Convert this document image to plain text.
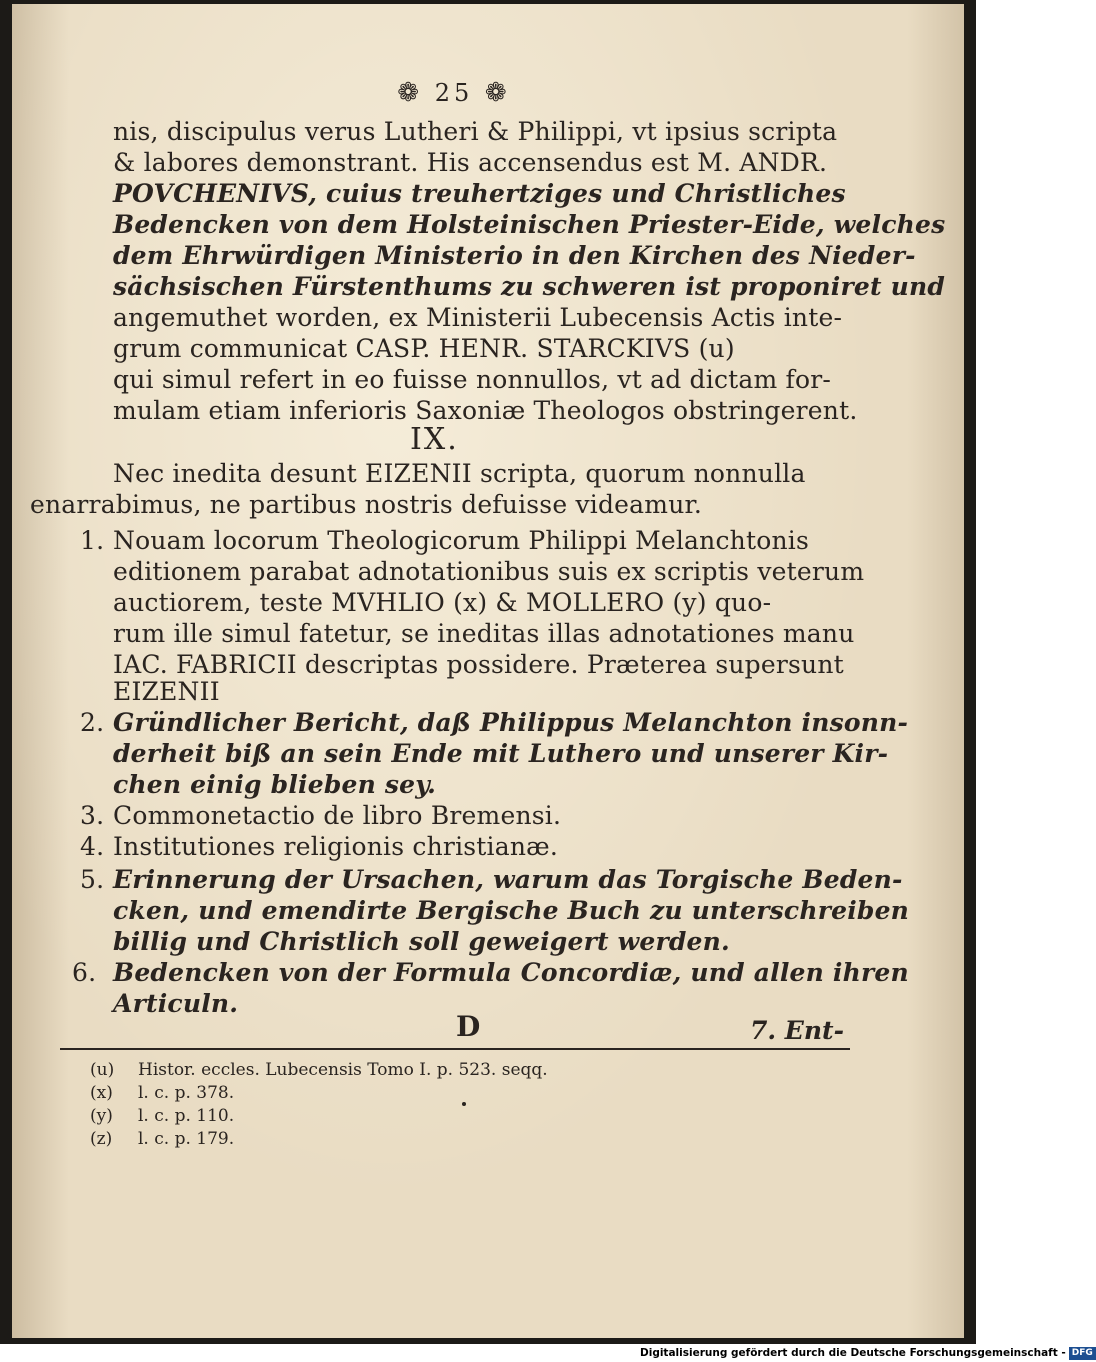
❁ 25 ❁
nis, discipulus verus Lutheri & Philippi, vt ipsius scripta
& labores demonstrant. His accensendus est M. ANDR.
POVCHENIVS, cuius treuhertziges und Christliches
Bedencken von dem Holsteinischen Priester-Eide, welches
dem Ehrwürdigen Ministerio in den Kirchen des Nieder-
sächsischen Fürstenthums zu schweren ist proponiret und
angemuthet worden, ex Ministerii Lubecensis Actis inte-
grum communicat CASP. HENR. STARCKIVS (u)
qui simul refert in eo fuisse nonnullos, vt ad dictam for-
mulam etiam inferioris Saxoniæ Theologos obstringerent.
IX.
Nec inedita desunt EIZENII scripta, quorum nonnulla
enarrabimus, ne partibus nostris defuisse videamur.
1. Nouam locorum Theologicorum Philippi Melanchtonis
editionem parabat adnotationibus suis ex scriptis veterum
auctiorem, teste MVHLIO (x) & MOLLERO (y) quo-
rum ille simul fatetur, se ineditas illas adnotationes manu
IAC. FABRICII descriptas possidere. Præterea supersunt
EIZENII
2. Gründlicher Bericht, daß Philippus Melanchton insonn-
derheit biß an sein Ende mit Luthero und unserer Kir-
chen einig blieben sey.
3. Commonetactio de libro Bremensi.
4. Institutiones religionis christianæ.
5. Erinnerung der Ursachen, warum das Torgische Beden-
cken, und emendirte Bergische Buch zu unterschreiben
billig und Christlich soll geweigert werden.
6. Bedencken von der Formula Concordiæ, und allen ihren
Articuln.
D	7. Ent-
(u) Histor. eccles. Lubecensis Tomo I. p. 523. seqq.
(x) l. c. p. 378.
(y) l. c. p. 110.
(z) l. c. p. 179.
Digitalisierung gefördert durch die Deutsche Forschungsgemeinschaft - DFG
